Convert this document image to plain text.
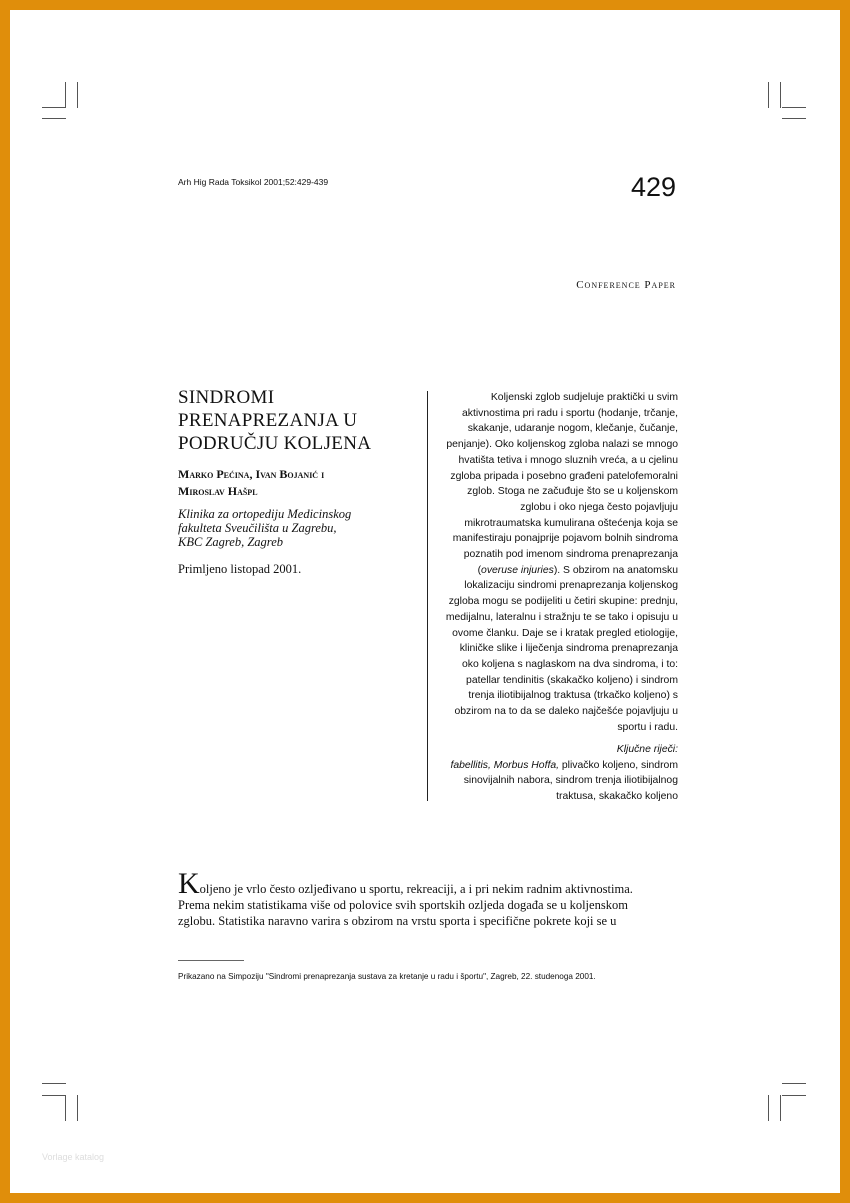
Arh Hig Rada Toksikol 2001;52:429-439	429
Conference Paper
SINDROMI
PRENAPREZANJA U
PODRUČJU KOLJENA
Marko Pećina, Ivan Bojanić i
Miroslav Hašpl
Klinika za ortopediju Medicinskog
fakulteta Sveučilišta u Zagrebu,
KBC Zagreb, Zagreb
Primljeno listopad 2001.
Koljenski zglob sudjeluje praktički u svim
aktivnostima pri radu i sportu (hodanje, trčanje,
skakanje, udaranje nogom, klečanje, čučanje,
penjanje). Oko koljenskog zgloba nalazi se mnogo
hvatišta tetiva i mnogo sluznih vreća, a u cjelinu
zgloba pripada i posebno građeni patelofemoralni
zglob. Stoga ne začuđuje što se u koljenskom
zglobu i oko njega često pojavljuju
mikrotraumatska kumulirana oštećenja koja se
manifestiraju ponajprije pojavom bolnih sindroma
poznatih pod imenom sindroma prenaprezanja
(overuse injuries). S obzirom na anatomsku
lokalizaciju sindromi prenaprezanja koljenskog
zgloba mogu se podijeliti u četiri skupine: prednju,
medijalnu, lateralnu i stražnju te se tako i opisuju u
ovome članku. Daje se i kratak pregled etiologije,
kliničke slike i liječenja sindroma prenaprezanja
oko koljena s naglaskom na dva sindroma, i to:
patellar tendinitis (skakačko koljeno) i sindrom
trenja iliotibijalnog traktusa (trkačko koljeno) s
obzirom na to da se daleko najčešće pojavljuju u
sportu i radu.
Ključne riječi:
fabellitis, Morbus Hoffa, plivačko koljeno, sindrom
sinovijalnih nabora, sindrom trenja iliotibijalnog
traktusa, skakačko koljeno
Koljeno je vrlo često ozljeđivano u sportu, rekreaciji, a i pri nekim radnim aktivnostima.
Prema nekim statistikama više od polovice svih sportskih ozljeda događa se u koljenskom
zglobu. Statistika naravno varira s obzirom na vrstu sporta i specifične pokrete koji se u
Prikazano na Simpoziju "Sindromi prenaprezanja sustava za kretanje u radu i športu", Zagreb, 22. studenoga 2001.
Vorlage katalog
